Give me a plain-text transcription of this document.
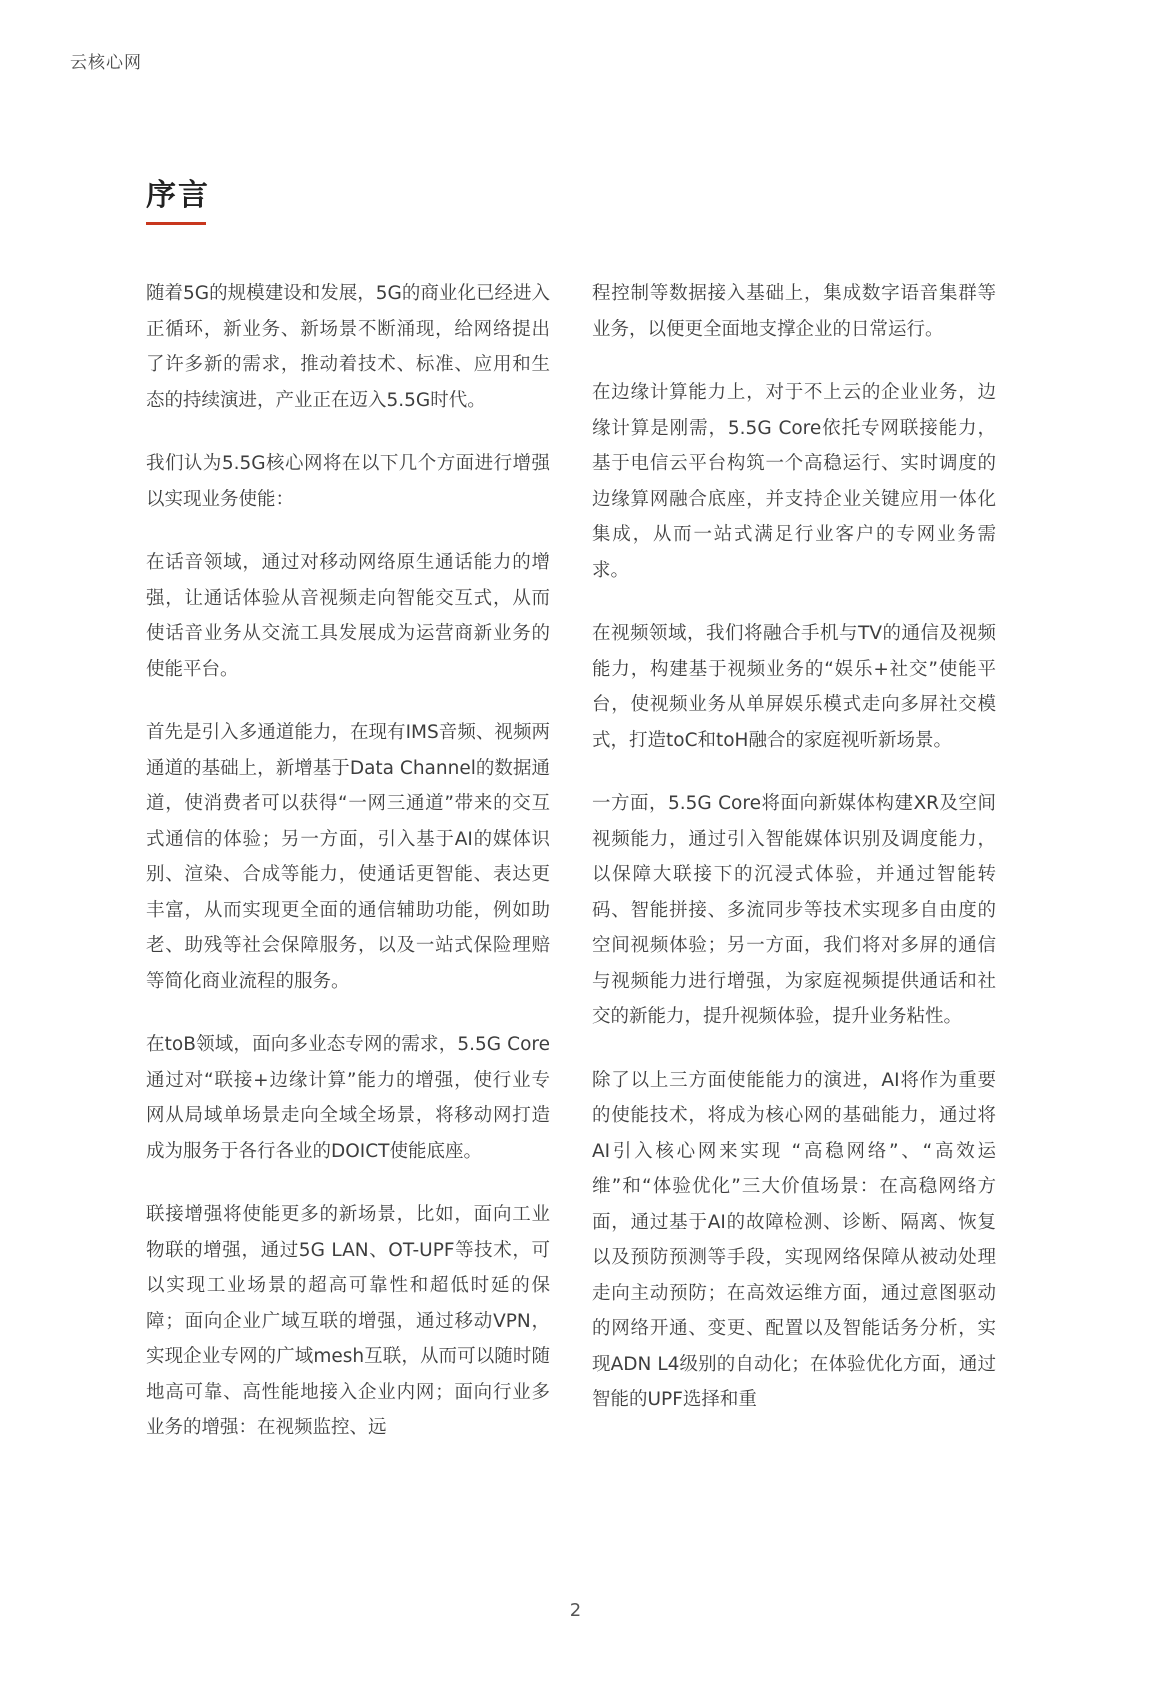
云核心网
序言

随着5G的规模建设和发展，5G的商业化已经进入正循环，新业务、新场景不断涌现，给网络提出了许多新的需求，推动着技术、标准、应用和生态的持续演进，产业正在迈入5.5G时代。

我们认为5.5G核心网将在以下几个方面进行增强以实现业务使能：

在话音领域，通过对移动网络原生通话能力的增强，让通话体验从音视频走向智能交互式，从而使话音业务从交流工具发展成为运营商新业务的使能平台。

首先是引入多通道能力，在现有IMS音频、视频两通道的基础上，新增基于Data Channel的数据通道，使消费者可以获得“一网三通道”带来的交互式通信的体验；另一方面，引入基于AI的媒体识别、渲染、合成等能力，使通话更智能、表达更丰富，从而实现更全面的通信辅助功能，例如助老、助残等社会保障服务，以及一站式保险理赔等简化商业流程的服务。

在toB领域，面向多业态专网的需求，5.5G Core通过对“联接+边缘计算”能力的增强，使行业专网从局域单场景走向全域全场景，将移动网打造成为服务于各行各业的DOICT使能底座。

联接增强将使能更多的新场景，比如，面向工业物联的增强，通过5G LAN、OT-UPF等技术，可以实现工业场景的超高可靠性和超低时延的保障；面向企业广域互联的增强，通过移动VPN，实现企业专网的广域mesh互联，从而可以随时随地高可靠、高性能地接入企业内网；面向行业多业务的增强：在视频监控、远

程控制等数据接入基础上，集成数字语音集群等业务，以便更全面地支撑企业的日常运行。

在边缘计算能力上，对于不上云的企业业务，边缘计算是刚需，5.5G Core依托专网联接能力，基于电信云平台构筑一个高稳运行、实时调度的边缘算网融合底座，并支持企业关键应用一体化集成，从而一站式满足行业客户的专网业务需求。

在视频领域，我们将融合手机与TV的通信及视频能力，构建基于视频业务的“娱乐+社交”使能平台，使视频业务从单屏娱乐模式走向多屏社交模式，打造toC和toH融合的家庭视听新场景。

一方面，5.5G Core将面向新媒体构建XR及空间视频能力，通过引入智能媒体识别及调度能力，以保障大联接下的沉浸式体验，并通过智能转码、智能拼接、多流同步等技术实现多自由度的空间视频体验；另一方面，我们将对多屏的通信与视频能力进行增强，为家庭视频提供通话和社交的新能力，提升视频体验，提升业务粘性。

除了以上三方面使能能力的演进，AI将作为重要的使能技术，将成为核心网的基础能力，通过将AI引入核心网来实现 “高稳网络”、“高效运维”和“体验优化”三大价值场景：在高稳网络方面，通过基于AI的故障检测、诊断、隔离、恢复以及预防预测等手段，实现网络保障从被动处理走向主动预防；在高效运维方面，通过意图驱动的网络开通、变更、配置以及智能话务分析，实现ADN L4级别的自动化；在体验优化方面，通过智能的UPF选择和重

2
